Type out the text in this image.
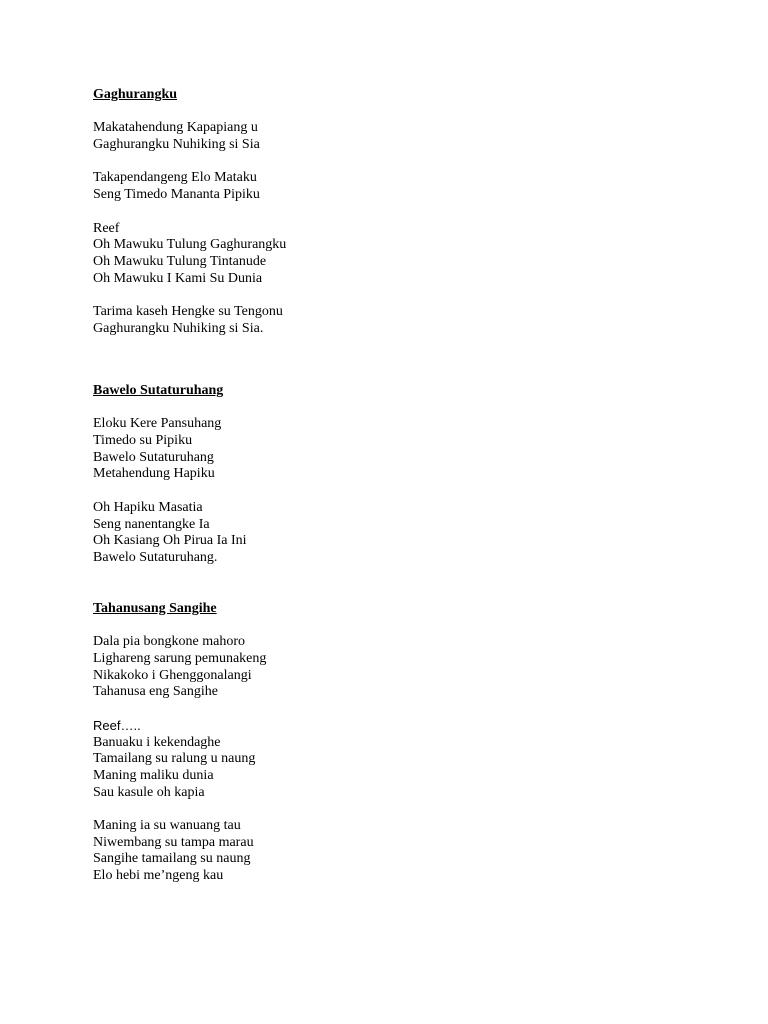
Gaghurangku
Makatahendung Kapapiang u
Gaghurangku Nuhiking si Sia
Takapendangeng Elo Mataku
Seng Timedo Mananta Pipiku
Reef
Oh Mawuku Tulung Gaghurangku
Oh Mawuku Tulung Tintanude
Oh Mawuku I Kami Su Dunia
Tarima kaseh Hengke su Tengonu
Gaghurangku Nuhiking si Sia.
Bawelo Sutaturuhang
Eloku Kere Pansuhang
Timedo su Pipiku
Bawelo Sutaturuhang
Metahendung Hapiku
Oh Hapiku Masatia
Seng nanentangke Ia
Oh Kasiang Oh Pirua Ia Ini
Bawelo Sutaturuhang.
Tahanusang Sangihe
Dala pia bongkone mahoro
Lighareng sarung pemunakeng
Nikakoko i Ghenggonalangi
Tahanusa eng Sangihe
Reef…..
Banuaku i kekendaghe
Tamailang su ralung u naung
Maning maliku dunia
Sau kasule oh kapia
Maning ia su wanuang tau
Niwembang su tampa marau
Sangihe tamailang su naung
Elo hebi me’ngeng kau
